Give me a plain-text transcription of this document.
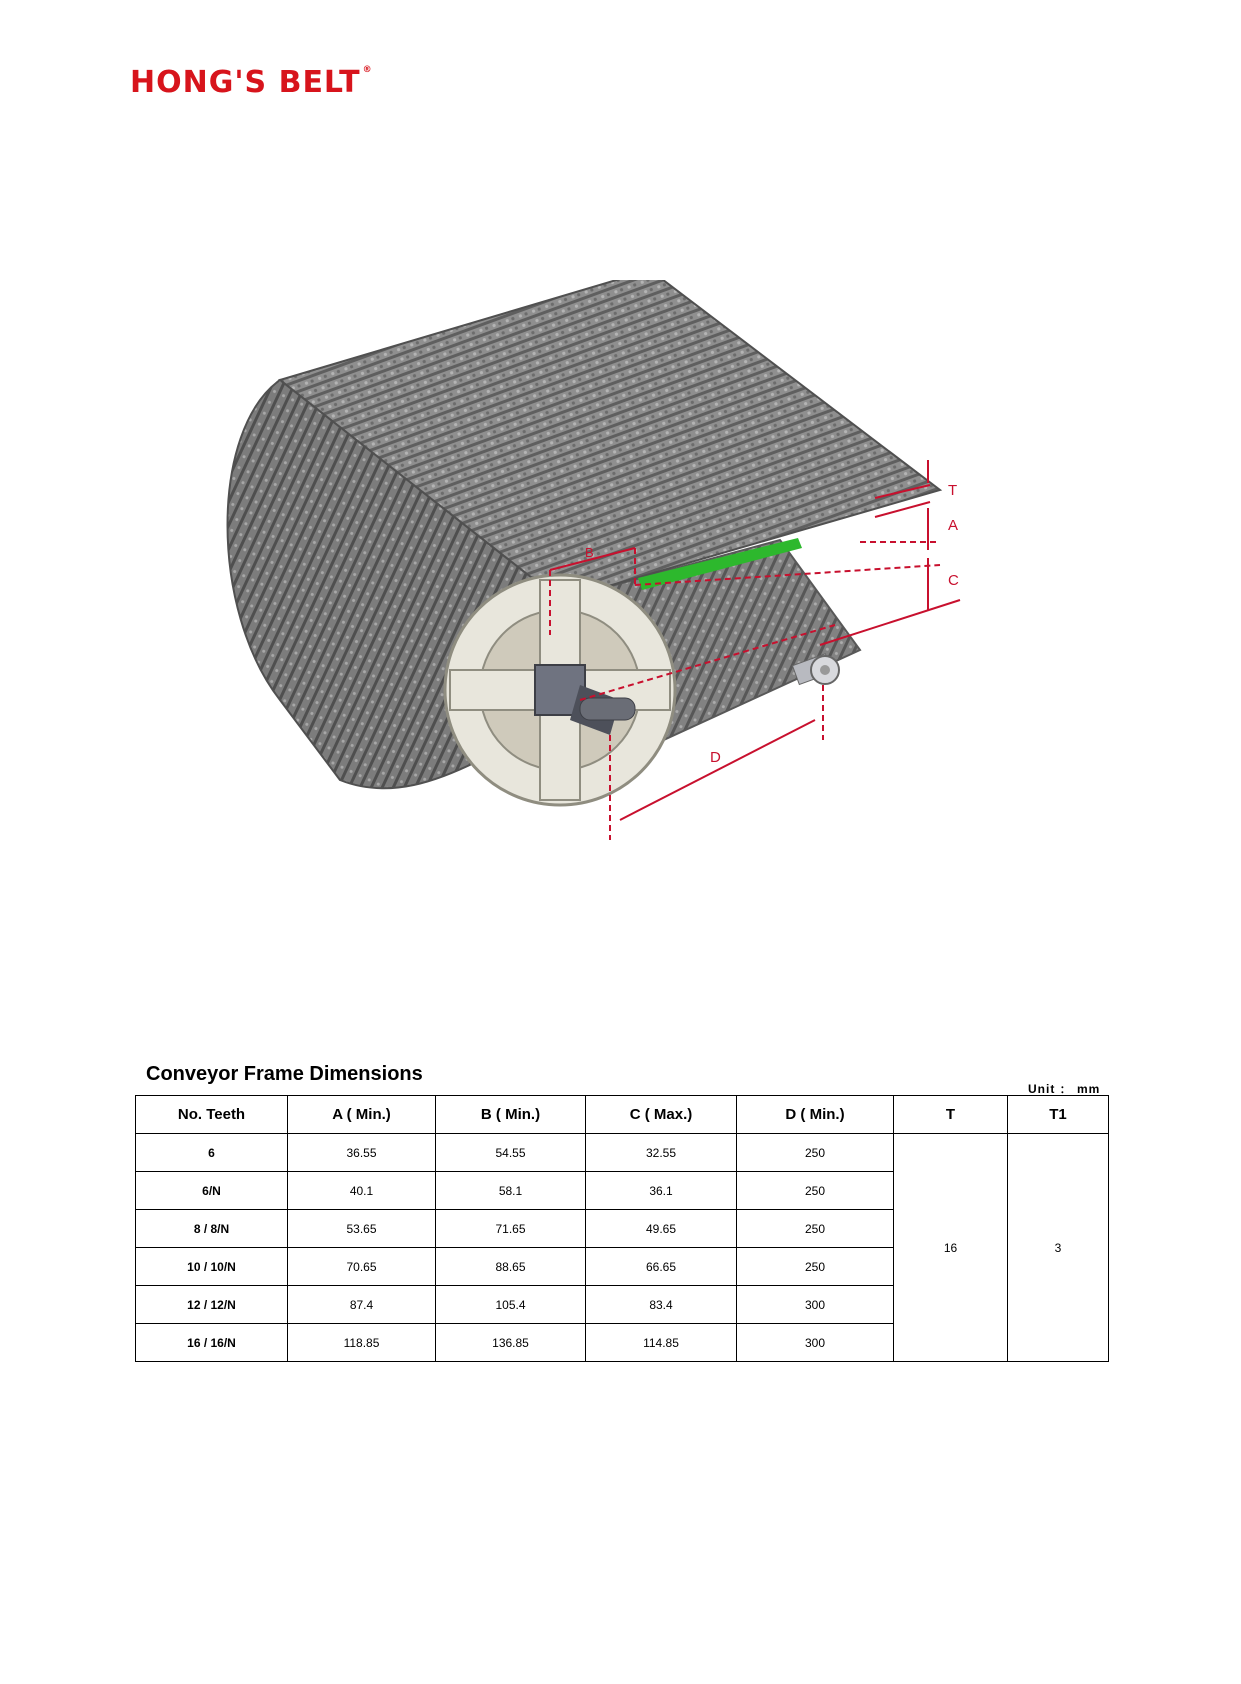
HONG'S BELT ®
T
A
C
B
D
Conveyor Frame Dimensions
Unit ： mm
No. Teeth	A ( Min.)	B ( Min.)	C ( Max.)	D ( Min.)	T	T1
6	36.55	54.55	32.55	250	16	3
6/N	40.1	58.1	36.1	250		
8 / 8/N	53.65	71.65	49.65	250		
10 / 10/N	70.65	88.65	66.65	250		
12 / 12/N	87.4	105.4	83.4	300		
16 / 16/N	118.85	136.85	114.85	300		
